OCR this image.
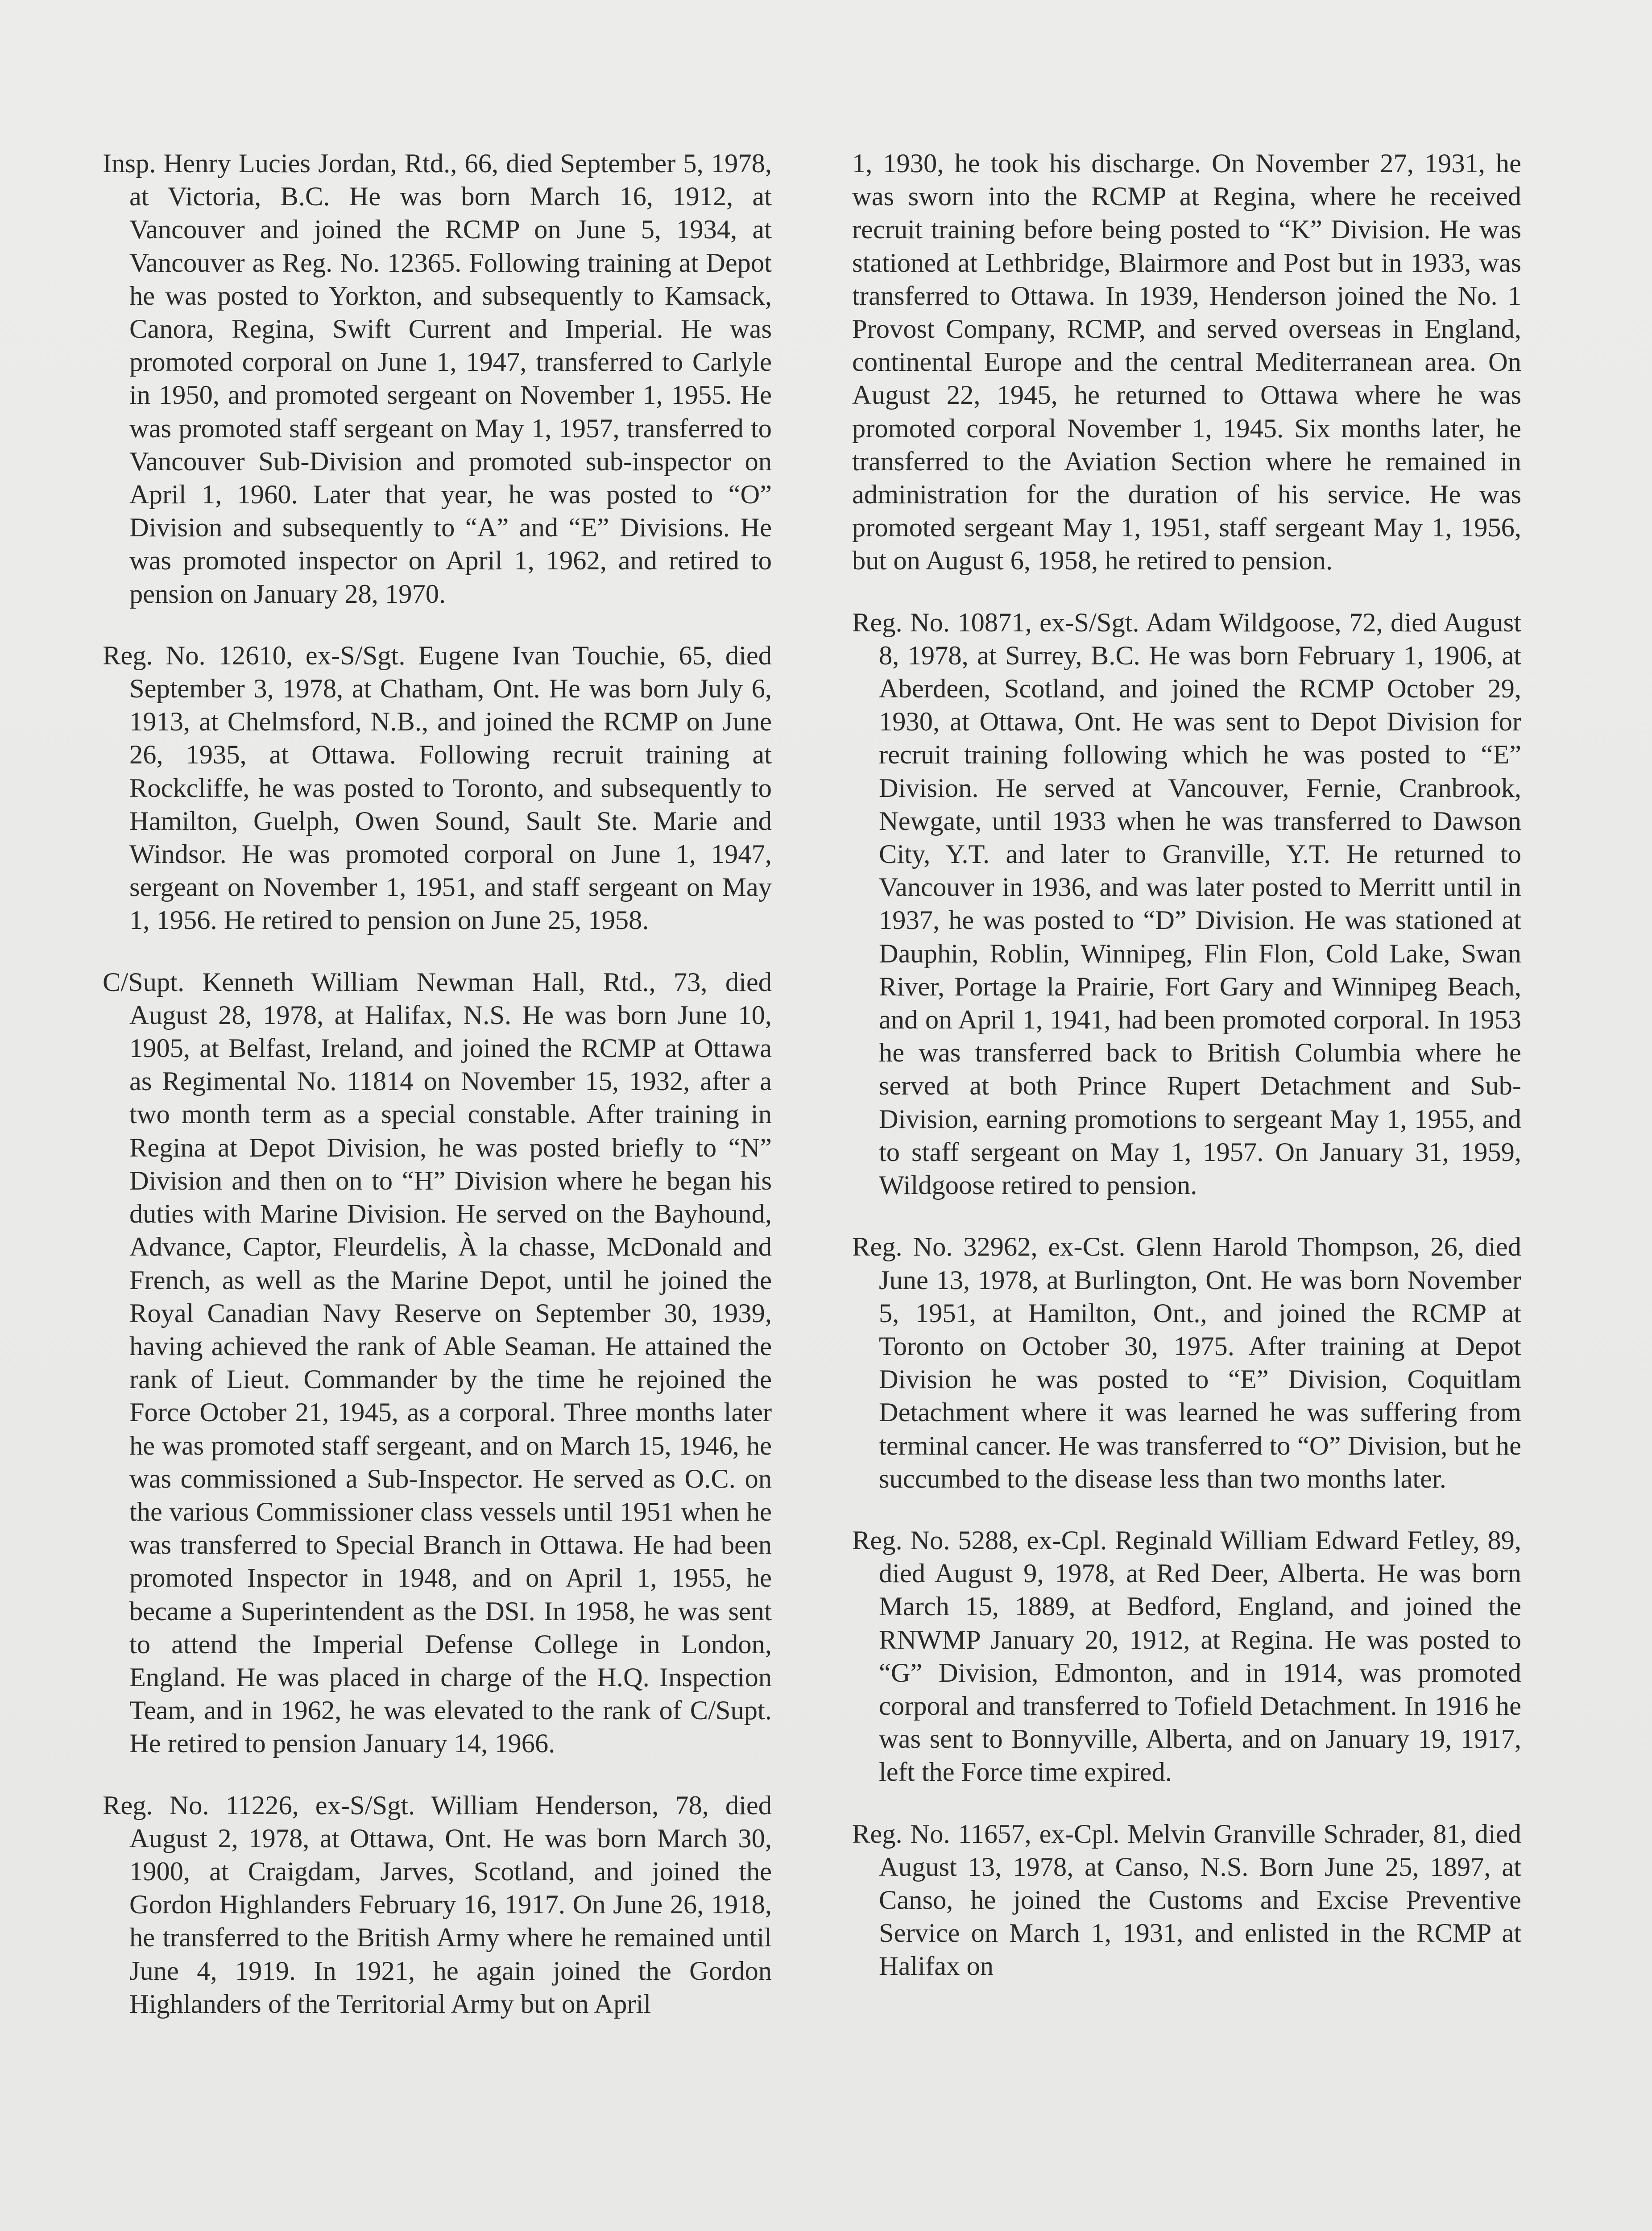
Insp. Henry Lucies Jordan, Rtd., 66, died September 5, 1978, at Victoria, B.C. He was born March 16, 1912, at Vancouver and joined the RCMP on June 5, 1934, at Vancouver as Reg. No. 12365. Following training at Depot he was posted to Yorkton, and subsequently to Kamsack, Canora, Regina, Swift Current and Imperial. He was promoted corporal on June 1, 1947, transferred to Carlyle in 1950, and promoted sergeant on November 1, 1955. He was promoted staff sergeant on May 1, 1957, transferred to Vancouver Sub-Division and promoted sub-inspector on April 1, 1960. Later that year, he was posted to “O” Division and subsequently to “A” and “E” Divisions. He was promoted inspector on April 1, 1962, and retired to pension on January 28, 1970.

Reg. No. 12610, ex-S/Sgt. Eugene Ivan Touchie, 65, died September 3, 1978, at Chatham, Ont. He was born July 6, 1913, at Chelmsford, N.B., and joined the RCMP on June 26, 1935, at Ottawa. Following recruit training at Rockcliffe, he was posted to Toronto, and subsequently to Hamilton, Guelph, Owen Sound, Sault Ste. Marie and Windsor. He was promoted corporal on June 1, 1947, sergeant on November 1, 1951, and staff sergeant on May 1, 1956. He retired to pension on June 25, 1958.

C/Supt. Kenneth William Newman Hall, Rtd., 73, died August 28, 1978, at Halifax, N.S. He was born June 10, 1905, at Belfast, Ireland, and joined the RCMP at Ottawa as Regimental No. 11814 on November 15, 1932, after a two month term as a special constable. After training in Regina at Depot Division, he was posted briefly to “N” Division and then on to “H” Division where he began his duties with Marine Division. He served on the Bayhound, Advance, Captor, Fleurdelis, À la chasse, McDonald and French, as well as the Marine Depot, until he joined the Royal Canadian Navy Reserve on September 30, 1939, having achieved the rank of Able Seaman. He attained the rank of Lieut. Commander by the time he rejoined the Force October 21, 1945, as a corporal. Three months later he was promoted staff sergeant, and on March 15, 1946, he was commissioned a Sub-Inspector. He served as O.C. on the various Commissioner class vessels until 1951 when he was transferred to Special Branch in Ottawa. He had been promoted Inspector in 1948, and on April 1, 1955, he became a Superintendent as the DSI. In 1958, he was sent to attend the Imperial Defense College in London, England. He was placed in charge of the H.Q. Inspection Team, and in 1962, he was elevated to the rank of C/Supt. He retired to pension January 14, 1966.

Reg. No. 11226, ex-S/Sgt. William Henderson, 78, died August 2, 1978, at Ottawa, Ont. He was born March 30, 1900, at Craigdam, Jarves, Scotland, and joined the Gordon Highlanders February 16, 1917. On June 26, 1918, he transferred to the British Army where he remained until June 4, 1919. In 1921, he again joined the Gordon Highlanders of the Territorial Army but on April

1, 1930, he took his discharge. On November 27, 1931, he was sworn into the RCMP at Regina, where he received recruit training before being posted to “K” Division. He was stationed at Lethbridge, Blairmore and Post but in 1933, was transferred to Ottawa. In 1939, Henderson joined the No. 1 Provost Company, RCMP, and served overseas in England, continental Europe and the central Mediterranean area. On August 22, 1945, he returned to Ottawa where he was promoted corporal November 1, 1945. Six months later, he transferred to the Aviation Section where he remained in administration for the duration of his service. He was promoted sergeant May 1, 1951, staff sergeant May 1, 1956, but on August 6, 1958, he retired to pension.

Reg. No. 10871, ex-S/Sgt. Adam Wildgoose, 72, died August 8, 1978, at Surrey, B.C. He was born February 1, 1906, at Aberdeen, Scotland, and joined the RCMP October 29, 1930, at Ottawa, Ont. He was sent to Depot Division for recruit training following which he was posted to “E” Division. He served at Vancouver, Fernie, Cranbrook, Newgate, until 1933 when he was transferred to Dawson City, Y.T. and later to Granville, Y.T. He returned to Vancouver in 1936, and was later posted to Merritt until in 1937, he was posted to “D” Division. He was stationed at Dauphin, Roblin, Winnipeg, Flin Flon, Cold Lake, Swan River, Portage la Prairie, Fort Gary and Winnipeg Beach, and on April 1, 1941, had been promoted corporal. In 1953 he was transferred back to British Columbia where he served at both Prince Rupert Detachment and Sub-Division, earning promotions to sergeant May 1, 1955, and to staff sergeant on May 1, 1957. On January 31, 1959, Wildgoose retired to pension.

Reg. No. 32962, ex-Cst. Glenn Harold Thompson, 26, died June 13, 1978, at Burlington, Ont. He was born November 5, 1951, at Hamilton, Ont., and joined the RCMP at Toronto on October 30, 1975. After training at Depot Division he was posted to “E” Division, Coquitlam Detachment where it was learned he was suffering from terminal cancer. He was transferred to “O” Division, but he succumbed to the disease less than two months later.

Reg. No. 5288, ex-Cpl. Reginald William Edward Fetley, 89, died August 9, 1978, at Red Deer, Alberta. He was born March 15, 1889, at Bedford, England, and joined the RNWMP January 20, 1912, at Regina. He was posted to “G” Division, Edmonton, and in 1914, was promoted corporal and transferred to Tofield Detachment. In 1916 he was sent to Bonnyville, Alberta, and on January 19, 1917, left the Force time expired.

Reg. No. 11657, ex-Cpl. Melvin Granville Schrader, 81, died August 13, 1978, at Canso, N.S. Born June 25, 1897, at Canso, he joined the Customs and Excise Preventive Service on March 1, 1931, and enlisted in the RCMP at Halifax on
